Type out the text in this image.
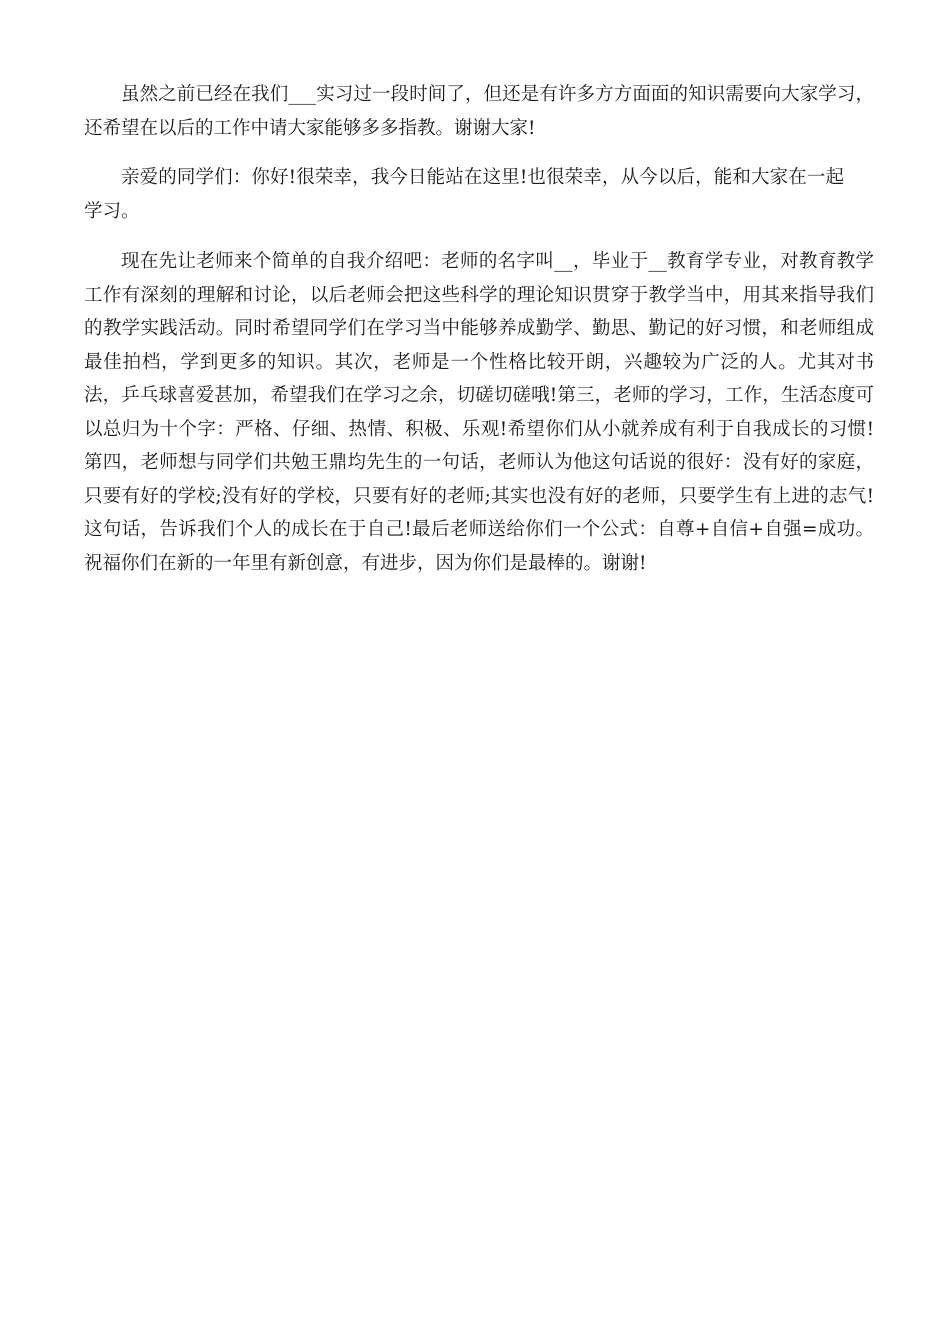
虽然之前已经在我们___实习过一段时间了，但还是有许多方方面面的知识需要向大家学习，还希望在以后的工作中请大家能够多多指教。谢谢大家!

亲爱的同学们：你好!很荣幸，我今日能站在这里!也很荣幸，从今以后，能和大家在一起学习。

现在先让老师来个简单的自我介绍吧：老师的名字叫__，毕业于__教育学专业，对教育教学工作有深刻的理解和讨论，以后老师会把这些科学的理论知识贯穿于教学当中，用其来指导我们的教学实践活动。同时希望同学们在学习当中能够养成勤学、勤思、勤记的好习惯，和老师组成最佳拍档，学到更多的知识。其次，老师是一个性格比较开朗，兴趣较为广泛的人。尤其对书法，乒乓球喜爱甚加，希望我们在学习之余，切磋切磋哦!第三，老师的学习，工作，生活态度可以总归为十个字：严格、仔细、热情、积极、乐观!希望你们从小就养成有利于自我成长的习惯!第四，老师想与同学们共勉王鼎均先生的一句话，老师认为他这句话说的很好：没有好的家庭，只要有好的学校;没有好的学校，只要有好的老师;其实也没有好的老师，只要学生有上进的志气!这句话，告诉我们个人的成长在于自己!最后老师送给你们一个公式：自尊+自信+自强=成功。祝福你们在新的一年里有新创意，有进步，因为你们是最棒的。谢谢!
